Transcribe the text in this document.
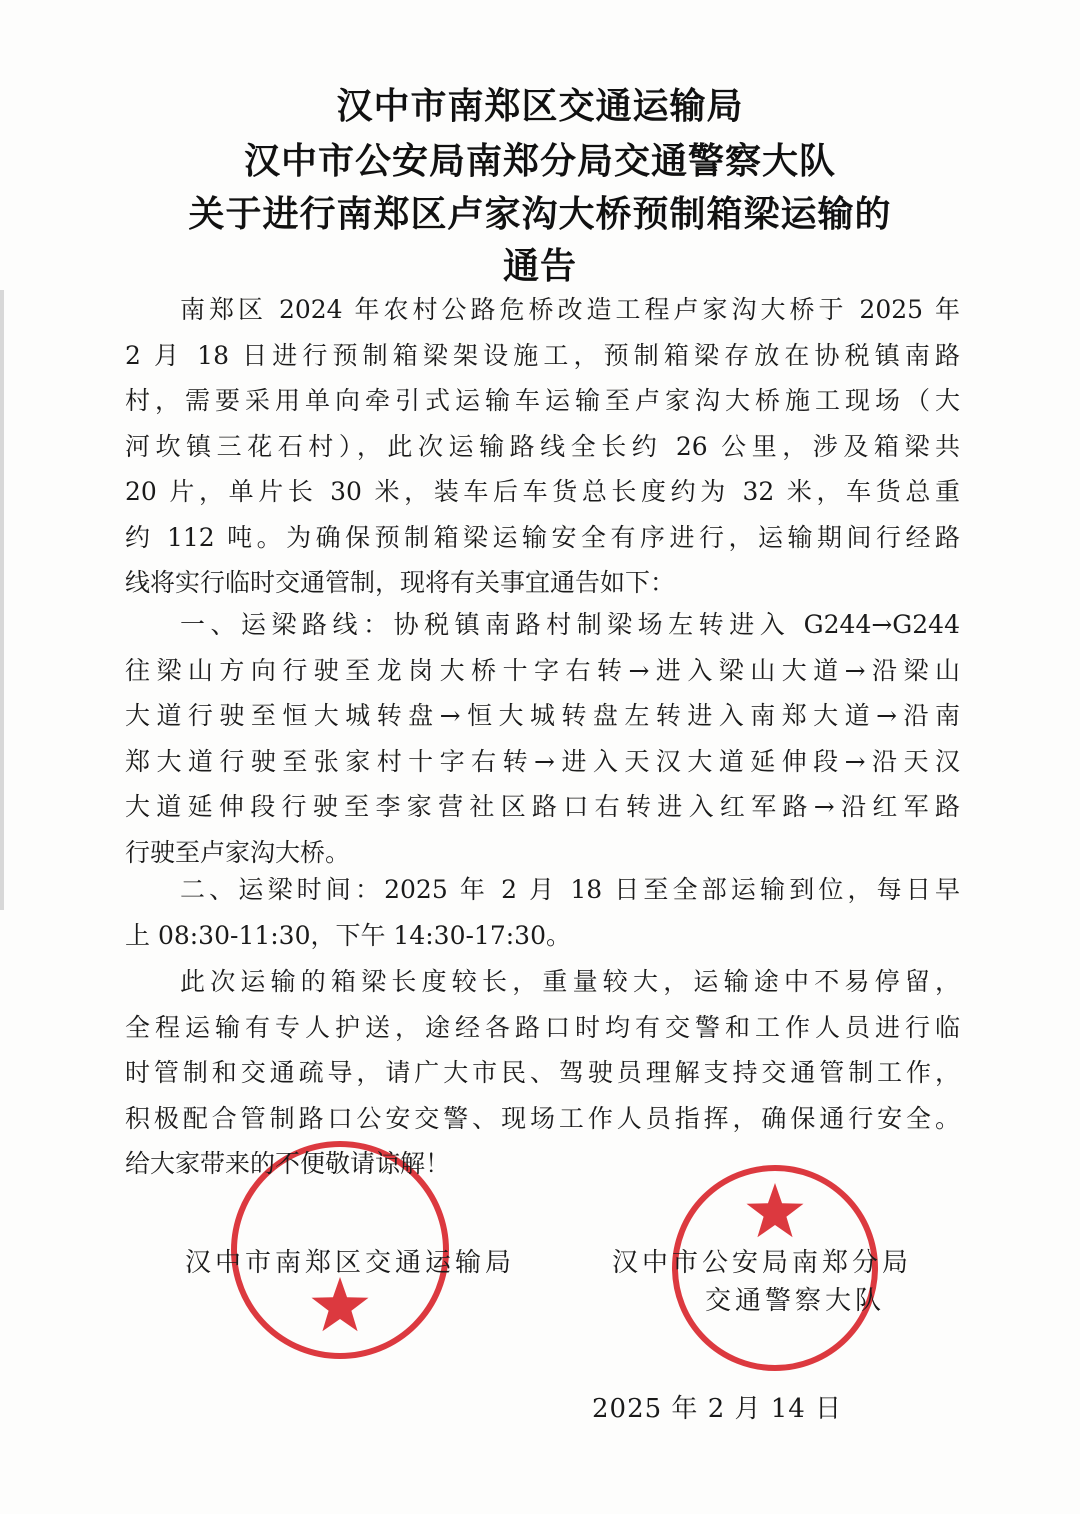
汉中市南郑区交通运输局
汉中市公安局南郑分局交通警察大队
关于进行南郑区卢家沟大桥预制箱梁运输的
通告
南郑区 2024 年农村公路危桥改造工程卢家沟大桥于 2025 年
2 月 18 日进行预制箱梁架设施工，预制箱梁存放在协税镇南路
村，需要采用单向牵引式运输车运输至卢家沟大桥施工现场（大
河坎镇三花石村），此次运输路线全长约 26 公里，涉及箱梁共
20 片，单片长 30 米，装车后车货总长度约为 32 米，车货总重
约 112 吨。为确保预制箱梁运输安全有序进行，运输期间行经路
线将实行临时交通管制，现将有关事宜通告如下：
一、运梁路线：协税镇南路村制梁场左转进入 G244→G244
往梁山方向行驶至龙岗大桥十字右转→进入梁山大道→沿梁山
大道行驶至恒大城转盘→恒大城转盘左转进入南郑大道→沿南
郑大道行驶至张家村十字右转→进入天汉大道延伸段→沿天汉
大道延伸段行驶至李家营社区路口右转进入红军路→沿红军路
行驶至卢家沟大桥。
二、运梁时间：2025 年 2 月 18 日至全部运输到位，每日早
上 08:30-11:30，下午 14:30-17:30。
此次运输的箱梁长度较长，重量较大，运输途中不易停留，
全程运输有专人护送，途经各路口时均有交警和工作人员进行临
时管制和交通疏导，请广大市民、驾驶员理解支持交通管制工作，
积极配合管制路口公安交警、现场工作人员指挥，确保通行安全。
给大家带来的不便敬请谅解！
汉中市南郑区交通运输局	汉中市公安局南郑分局
交通警察大队
2025 年 2 月 14 日
